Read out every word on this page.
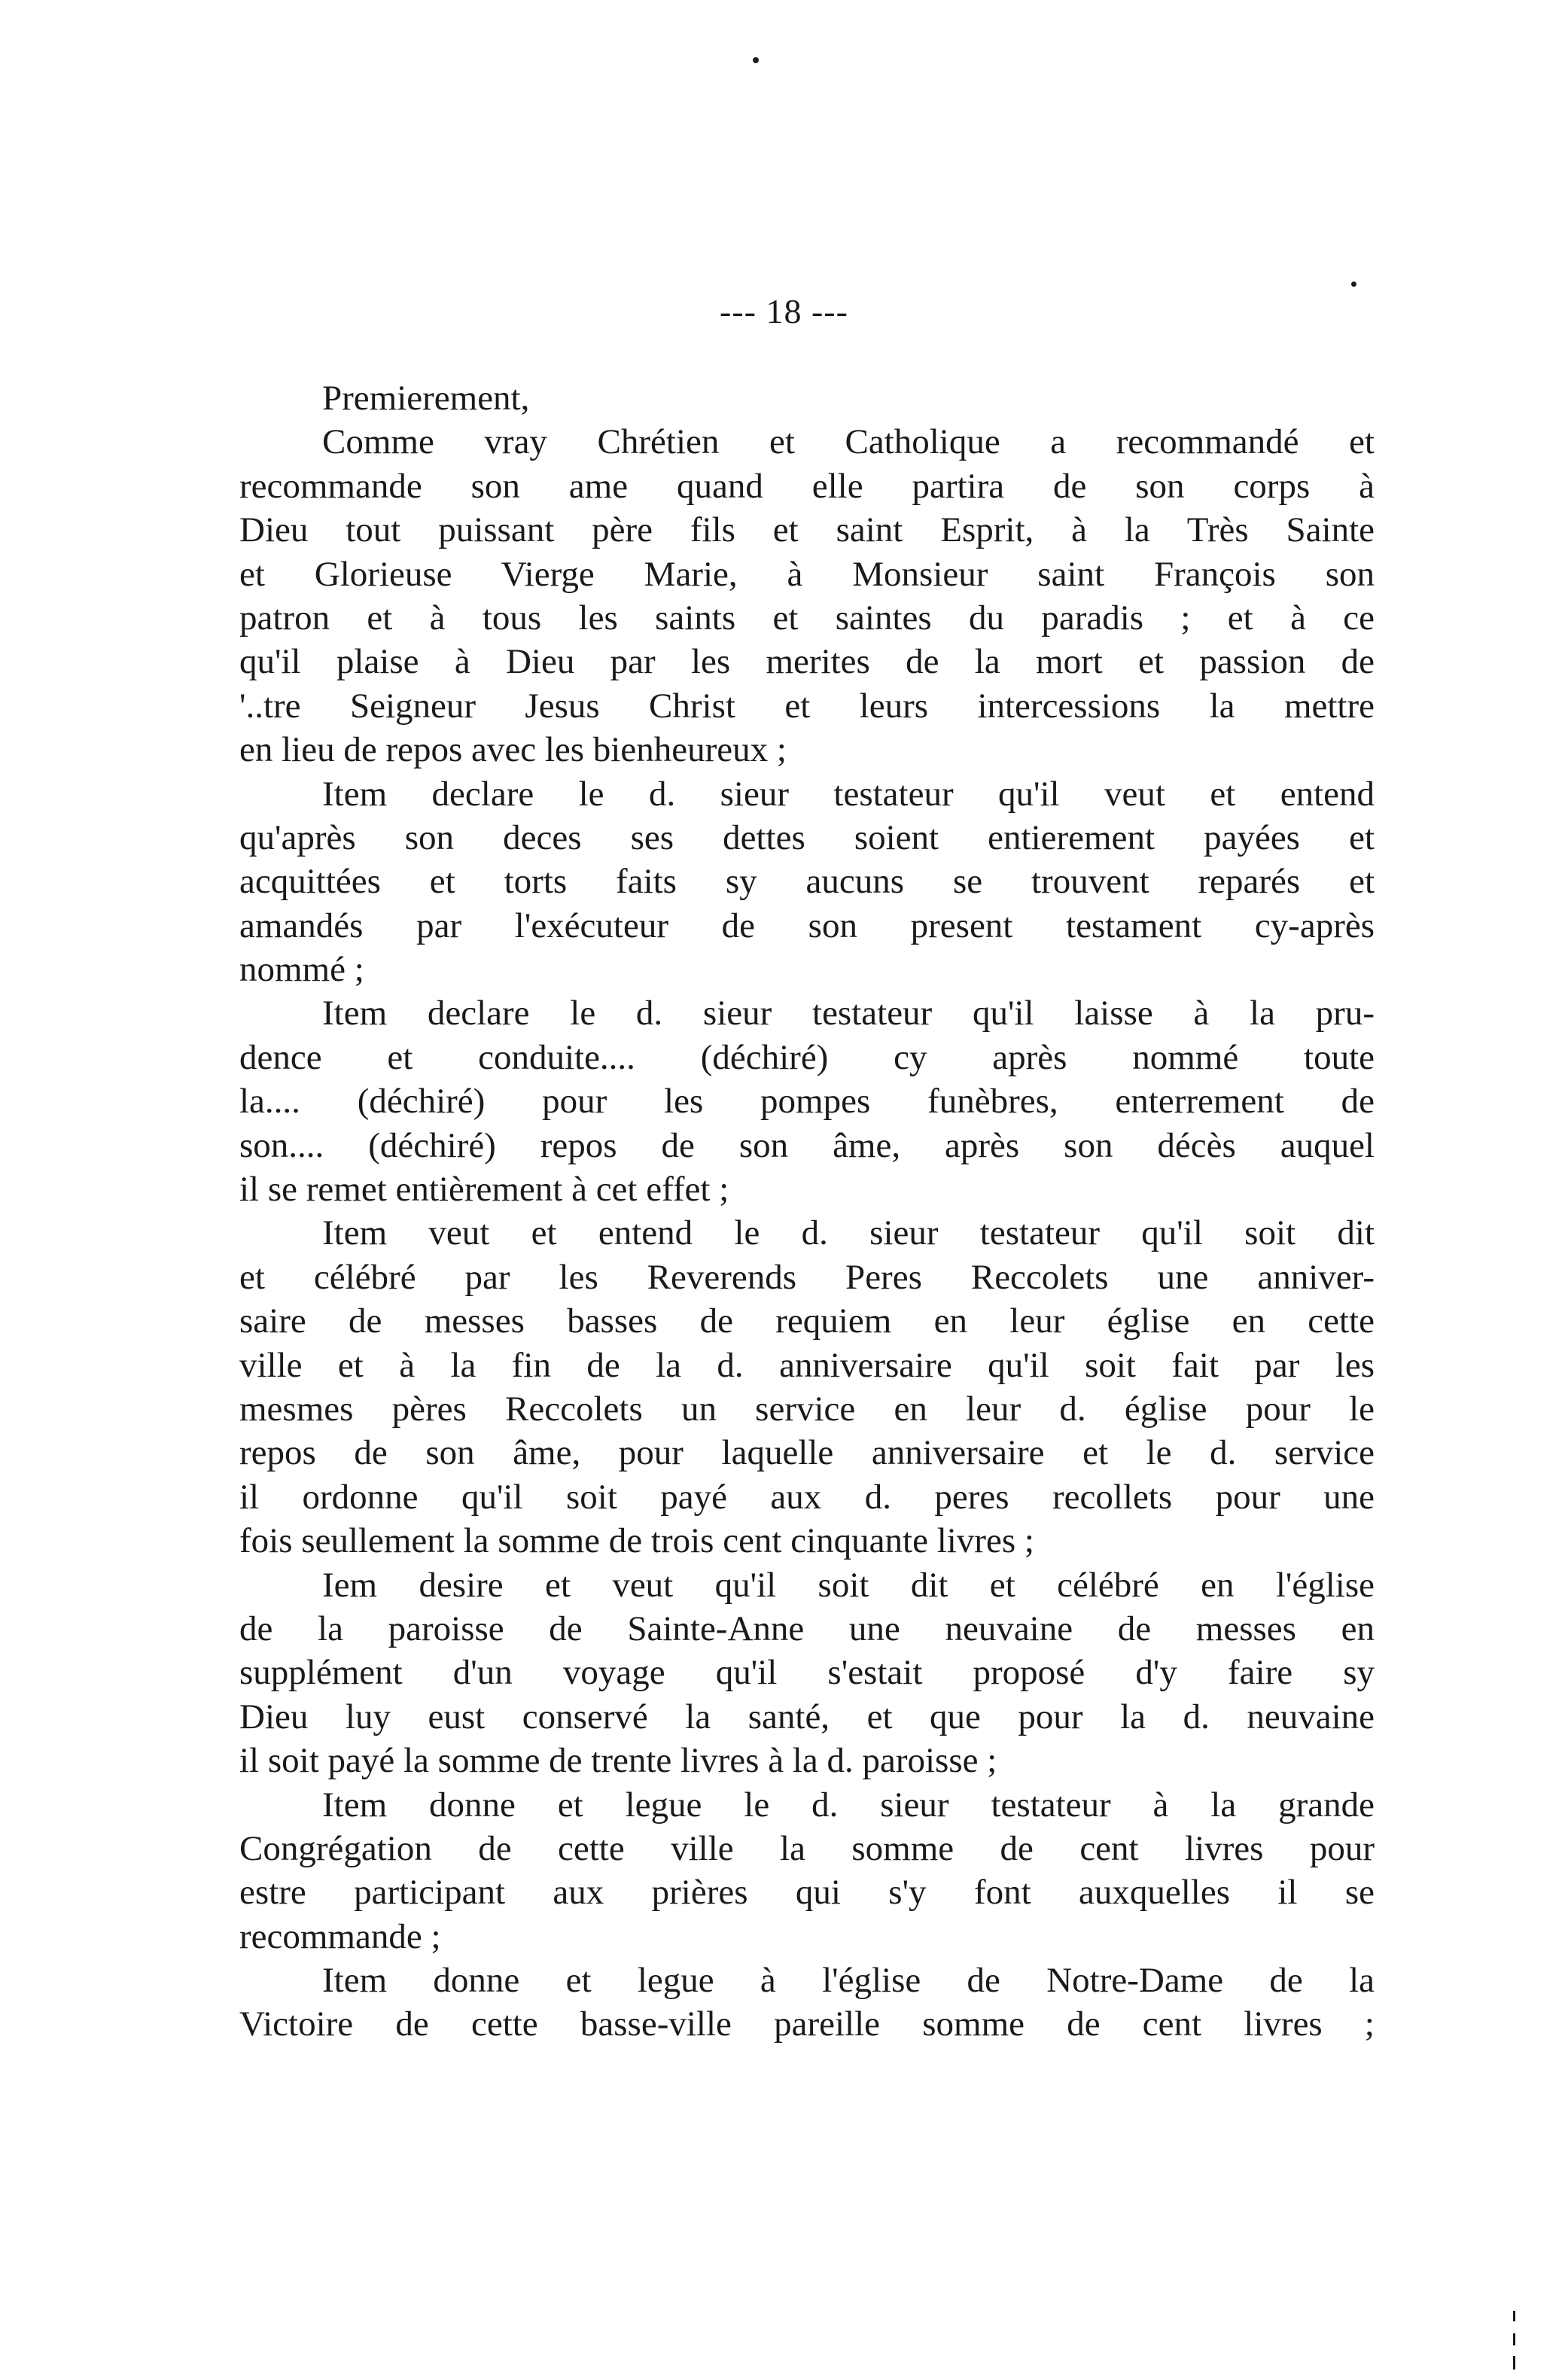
--- 18 ---
Premierement,
Comme vray Chrétien et Catholique a recommandé et
recommande son ame quand elle partira de son corps à
Dieu tout puissant père fils et saint Esprit, à la Très Sainte
et Glorieuse Vierge Marie, à Monsieur saint François son
patron et à tous les saints et saintes du paradis ; et à ce
qu'il plaise à Dieu par les merites de la mort et passion de
'..tre Seigneur Jesus Christ et leurs intercessions la mettre
en lieu de repos avec les bienheureux ;
Item declare le d. sieur testateur qu'il veut et entend
qu'après son deces ses dettes soient entierement payées et
acquittées et torts faits sy aucuns se trouvent reparés et
amandés par l'exécuteur de son present testament cy-après
nommé ;
Item declare le d. sieur testateur qu'il laisse à la pru-
dence et conduite.... (déchiré) cy après nommé toute
la.... (déchiré) pour les pompes funèbres, enterrement de
son.... (déchiré) repos de son âme, après son décès auquel
il se remet entièrement à cet effet ;
Item veut et entend le d. sieur testateur qu'il soit dit
et célébré par les Reverends Peres Reccolets une anniver-
saire de messes basses de requiem en leur église en cette
ville et à la fin de la d. anniversaire qu'il soit fait par les
mesmes pères Reccolets un service en leur d. église pour le
repos de son âme, pour laquelle anniversaire et le d. service
il ordonne qu'il soit payé aux d. peres recollets pour une
fois seullement la somme de trois cent cinquante livres ;
Iem desire et veut qu'il soit dit et célébré en l'église
de la paroisse de Sainte-Anne une neuvaine de messes en
supplément d'un voyage qu'il s'estait proposé d'y faire sy
Dieu luy eust conservé la santé, et que pour la d. neuvaine
il soit payé la somme de trente livres à la d. paroisse ;
Item donne et legue le d. sieur testateur à la grande
Congrégation de cette ville la somme de cent livres pour
estre participant aux prières qui s'y font auxquelles il se
recommande ;
Item donne et legue à l'église de Notre-Dame de la
Victoire de cette basse-ville pareille somme de cent livres ;
